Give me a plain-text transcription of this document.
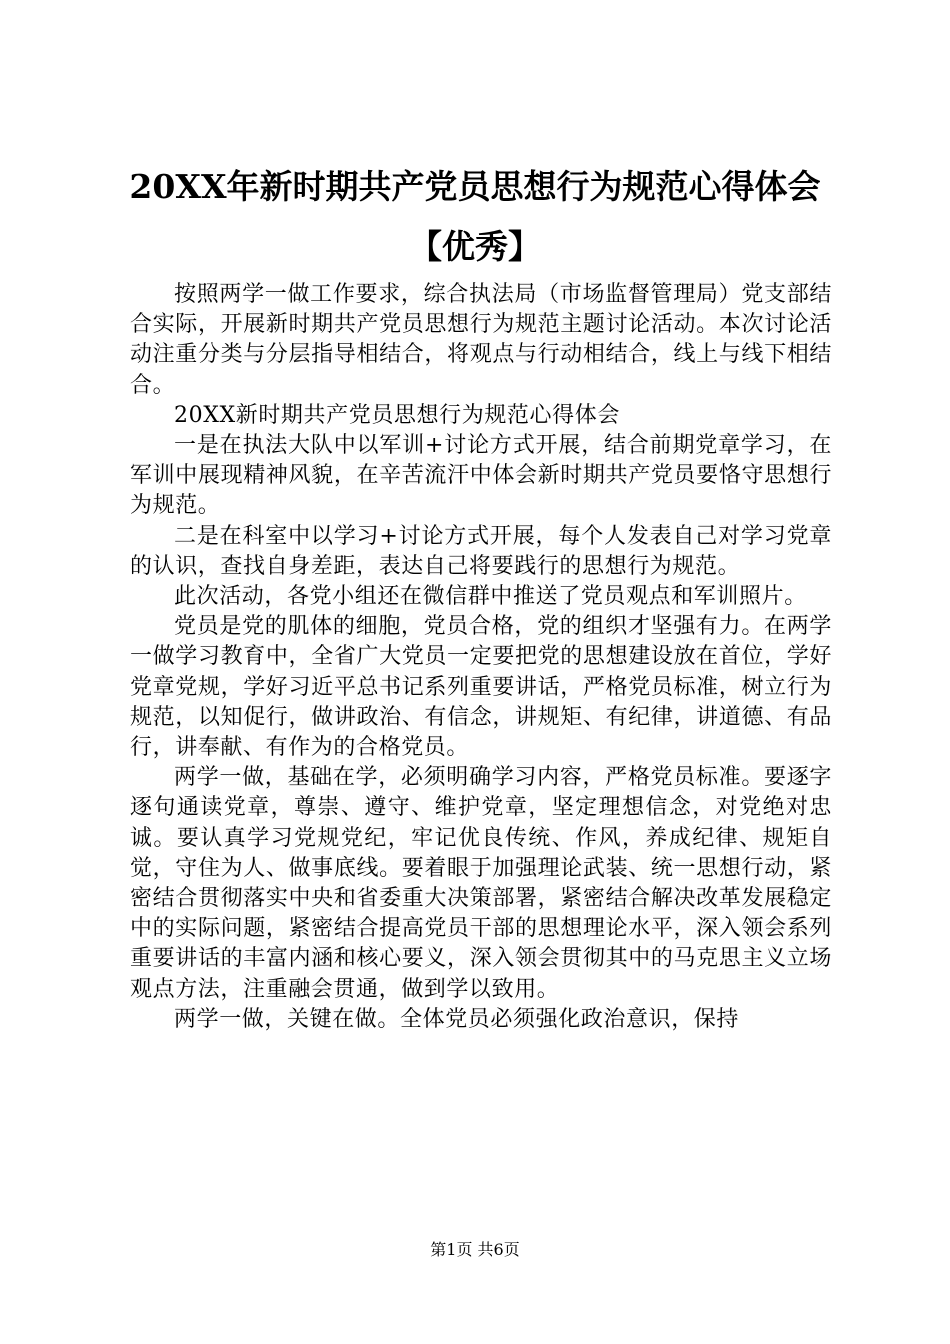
20XX年新时期共产党员思想行为规范心得体会【优秀】

按照两学一做工作要求，综合执法局（市场监督管理局）党支部结合实际，开展新时期共产党员思想行为规范主题讨论活动。本次讨论活动注重分类与分层指导相结合，将观点与行动相结合，线上与线下相结合。

20XX新时期共产党员思想行为规范心得体会

一是在执法大队中以军训+讨论方式开展，结合前期党章学习，在军训中展现精神风貌，在辛苦流汗中体会新时期共产党员要恪守思想行为规范。

二是在科室中以学习+讨论方式开展，每个人发表自己对学习党章的认识，查找自身差距，表达自己将要践行的思想行为规范。

此次活动，各党小组还在微信群中推送了党员观点和军训照片。

党员是党的肌体的细胞，党员合格，党的组织才坚强有力。在两学一做学习教育中，全省广大党员一定要把党的思想建设放在首位，学好党章党规，学好习近平总书记系列重要讲话，严格党员标准，树立行为规范，以知促行，做讲政治、有信念，讲规矩、有纪律，讲道德、有品行，讲奉献、有作为的合格党员。

两学一做，基础在学，必须明确学习内容，严格党员标准。要逐字逐句通读党章，尊崇、遵守、维护党章，坚定理想信念，对党绝对忠诚。要认真学习党规党纪，牢记优良传统、作风，养成纪律、规矩自觉，守住为人、做事底线。要着眼于加强理论武装、统一思想行动，紧密结合贯彻落实中央和省委重大决策部署，紧密结合解决改革发展稳定中的实际问题，紧密结合提高党员干部的思想理论水平，深入领会系列重要讲话的丰富内涵和核心要义，深入领会贯彻其中的马克思主义立场观点方法，注重融会贯通，做到学以致用。

两学一做，关键在做。全体党员必须强化政治意识，保持

第1页 共6页
